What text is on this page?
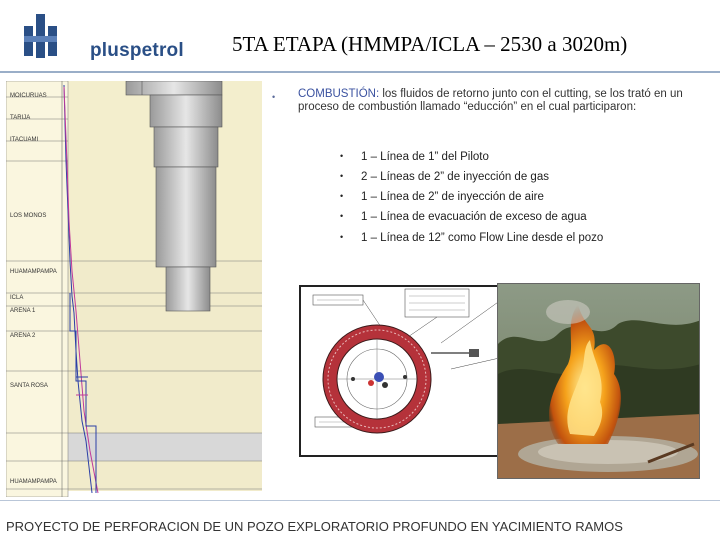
pluspetrol 5TA ETAPA (HMMPA/ICLA – 2530 a 3020m)
MOICURUAS
TARIJA
ITACUAMI
LOS MONOS
HUAMAMPAMPA
ICLA
ARENA 1
ARENA 2
SANTA ROSA
HUAMAMPAMPA
• COMBUSTIÓN: los fluidos de retorno junto con el cutting, se los trató en un proceso de combustión llamado “educción” en el cual participaron:
• 1 – Línea de 1” del Piloto
• 2 – Líneas de 2” de inyección de gas
• 1 – Línea de 2” de inyección de aire
• 1 – Línea de evacuación de exceso de agua
• 1 – Línea de 12” como Flow Line desde el pozo
PROYECTO DE PERFORACION DE UN POZO EXPLORATORIO PROFUNDO EN YACIMIENTO RAMOS
